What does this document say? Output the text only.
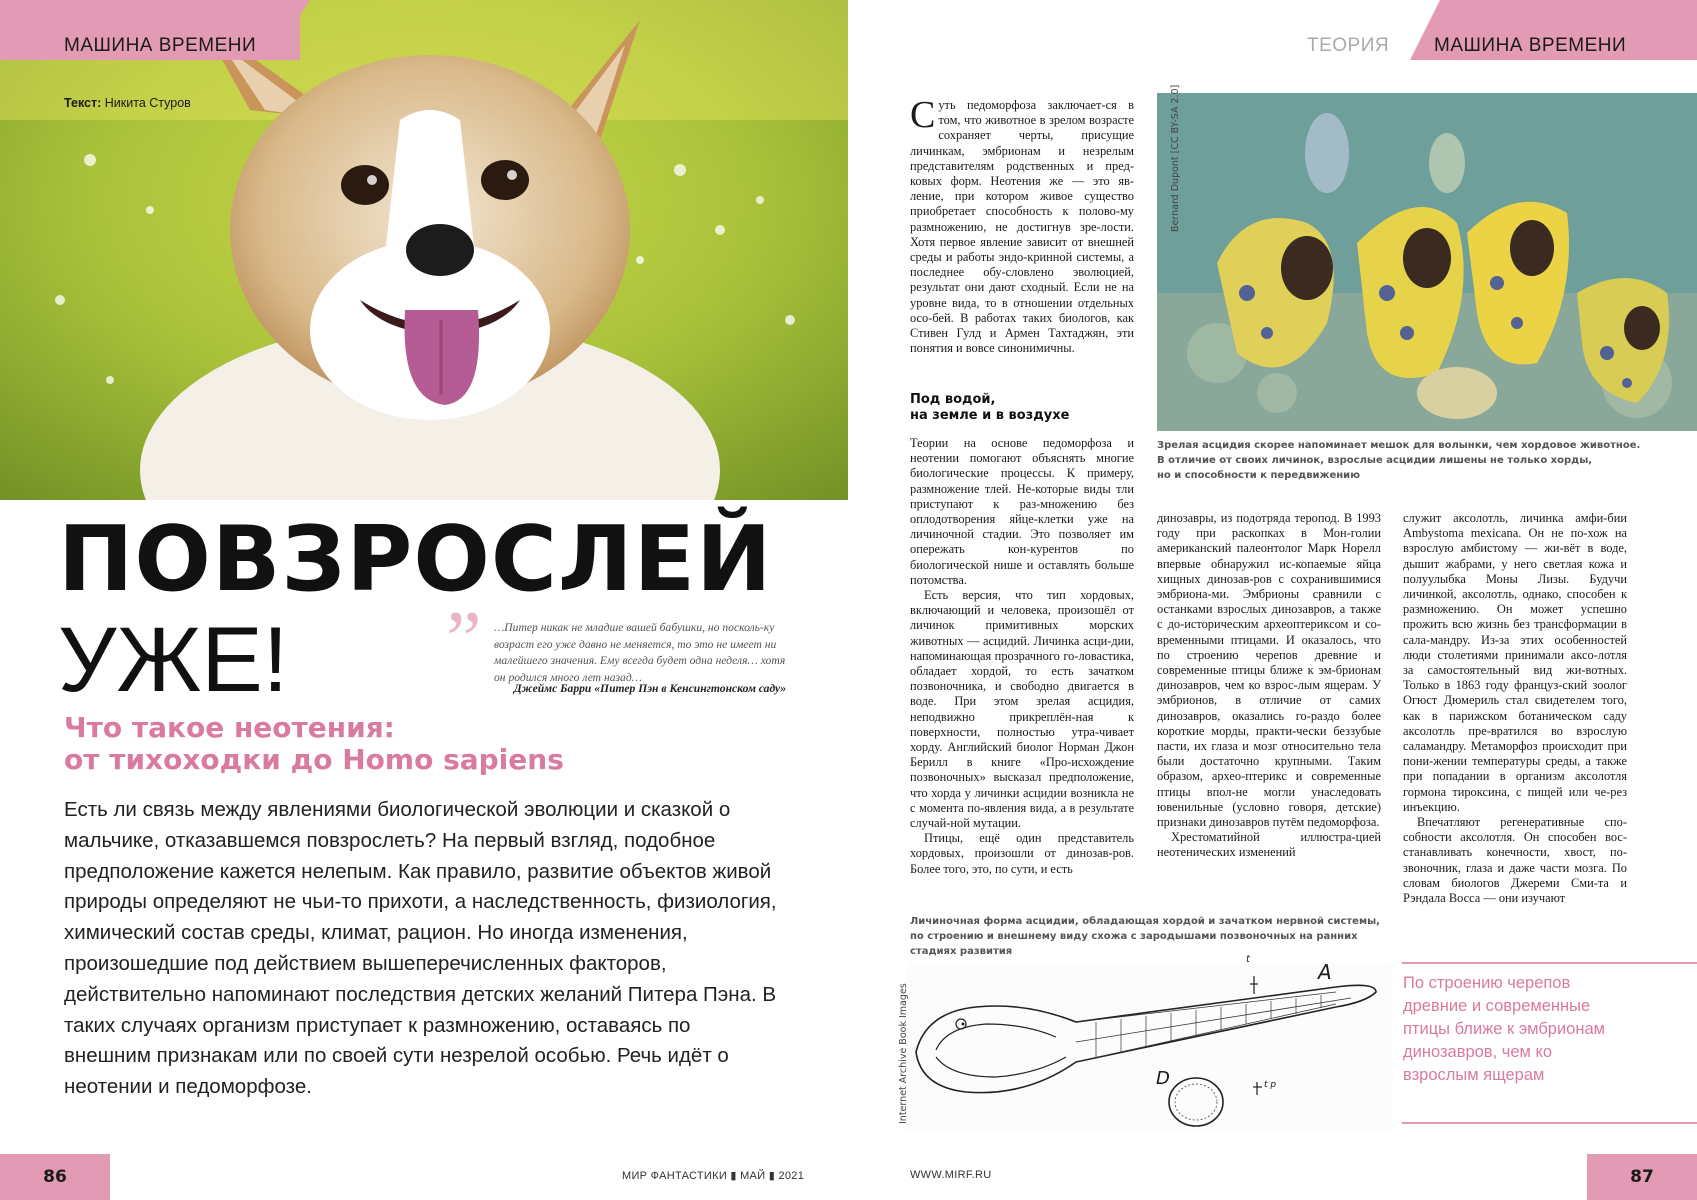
МАШИНА ВРЕМЕНИ
Текст: Никита Стуров
ПОВЗРОСЛЕЙ
УЖЕ! ” …Питер никак не младше вашей бабушки, но посколь-ку возраст его уже давно не меняется, то это не имеет ни малейшего значения. Ему всегда будет одна неделя… хотя он родился много лет назад…
Джеймс Барри «Питер Пэн в Кенсингтонском саду»
Что такое неотения:
от тихоходки до Homo sapiens
Есть ли связь между явлениями биологической эволюции и сказкой о мальчике, отказавшемся повзрослеть? На первый взгляд, подобное предположение кажется нелепым. Как правило, развитие объектов живой природы определяют не чьи-то прихоти, а наследственность, физиология, химический состав среды, климат, рацион. Но иногда изменения, произошедшие под действием вышеперечисленных факторов, действительно напоминают последствия детских желаний Питера Пэна. В таких случаях организм приступает к размножению, оставаясь по внешним признакам или по своей сути незрелой особью. Речь идёт о неотении и педоморфозе.
86	МИР ФАНТАСТИКИ ▮ МАЙ ▮ 2021
ТЕОРИЯ МАШИНА ВРЕМЕНИ

Суть педоморфоза заключает-ся в том, что животное в зрелом возрасте сохраняет черты, присущие личинкам, эмбрионам и незрелым представителям родственных и пред-ковых форм. Неотения же — это яв-ление, при котором живое существо приобретает способность к полово-му размножению, не достигнув зре-лости. Хотя первое явление зависит от внешней среды и работы эндо-кринной системы, а последнее обу-словлено эволюцией, результат они дают сходный. Если не на уровне вида, то в отношении отдельных осо-бей. В работах таких биологов, как Стивен Гулд и Армен Тахтаджян, эти понятия и вовсе синонимичны.

Под водой,
на земле и в воздухе

Теории на основе педоморфоза и неотении помогают объяснять многие биологические процессы. К примеру, размножение тлей. Не-которые виды тли приступают к раз-множению без оплодотворения яйце-клетки уже на личиночной стадии. Это позволяет им опережать кон-курентов по биологической нише и оставлять больше потомства.

Есть версия, что тип хордовых, включающий и человека, произошёл от личинок примитивных морских животных — асцидий. Личинка асци-дии, напоминающая прозрачного го-ловастика, обладает хордой, то есть зачатком позвоночника, и свободно двигается в воде. При этом зрелая асцидия, неподвижно прикреплён-ная к поверхности, полностью утра-чивает хорду. Английский биолог Норман Джон Берилл в книге «Про-исхождение позвоночных» высказал предположение, что хорда у личинки асцидии возникла не с момента по-явления вида, а в результате случай-ной мутации.

Птицы, ещё один представитель хордовых, произошли от динозав-ров. Более того, это, по сути, и есть

Bernard Dupont [CC BY-SA 2.0]
Зрелая асцидия скорее напоминает мешок для волынки, чем хордовое животное.
В отличие от своих личинок, взрослые асцидии лишены не только хорды,
но и способности к передвижению

динозавры, из подотряда теропод. В 1993 году при раскопках в Мон-голии американский палеонтолог Марк Норелл впервые обнаружил ис-копаемые яйца хищных динозав-ров с сохранившимися эмбриона-ми. Эмбрионы сравнили с останками взрослых динозавров, а также с до-историческим археоптериксом и со-временными птицами. И оказалось, что по строению черепов древние и современные птицы ближе к эм-брионам динозавров, чем ко взрос-лым ящерам. У эмбрионов, в отличие от самих динозавров, оказались го-раздо более короткие морды, практи-чески беззубые пасти, их глаза и мозг относительно тела были достаточно крупными. Таким образом, архео-птерикс и современные птицы впол-не могли унаследовать ювенильные (условно говоря, детские) признаки динозавров путём педоморфоза.

Хрестоматийной иллюстра-цией неотенических изменений

служит аксолотль, личинка амфи-бии Ambystoma mexicana. Он не по-хож на взрослую амбистому — жи-вёт в воде, дышит жабрами, у него светлая кожа и полуулыбка Моны Лизы. Будучи личинкой, аксолотль, однако, способен к размножению. Он может успешно прожить всю жизнь без трансформации в сала-мандру. Из-за этих особенностей люди столетиями принимали аксо-лотля за самостоятельный вид жи-вотных. Только в 1863 году француз-ский зоолог Огюст Дюмериль стал свидетелем того, как в парижском ботаническом саду аксолотль пре-вратился во взрослую саламандру. Метаморфоз происходит при пони-жении температуры среды, а также при попадании в организм аксолотля гормона тироксина, с пищей или че-рез инъекцию.

Впечатляют регенеративные спо-собности аксолотля. Он способен вос-станавливать конечности, хвост, по-звоночник, глаза и даже части мозга. По словам биологов Джереми Сми-та и Рэндала Восса — они изучают

Личиночная форма асцидии, обладающая хордой и зачатком нервной системы,
по строению и внешнему виду схожа с зародышами позвоночных на ранних
стадиях развития
A
D
t
t p
Internet Archive Book Images
По строению черепов древние и современные птицы ближе к эмбрионам динозавров, чем ко взрослым ящерам
WWW.MIRF.RU	87
